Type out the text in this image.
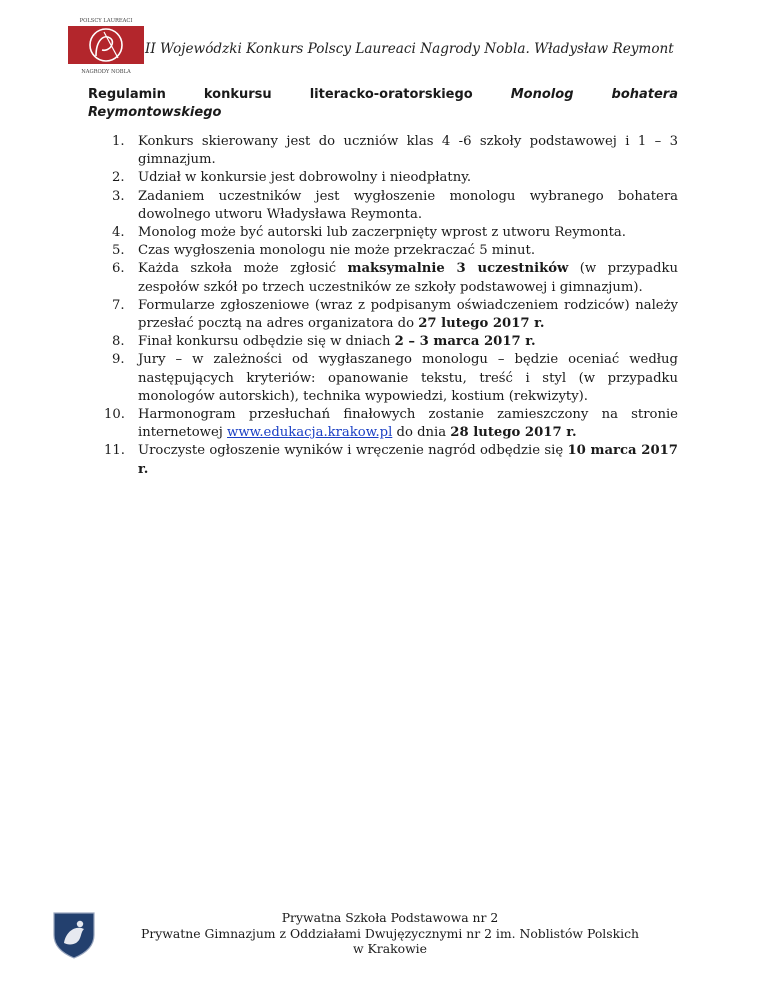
POLSCY LAUREACI
NAGRODY NOBLA
II Wojewódzki Konkurs Polscy Laureaci Nagrody Nobla. Władysław Reymont
Regulamin	konkursu	literacko-oratorskiego	Monolog	bohatera
Reymontowskiego
1.	Konkurs skierowany jest do uczniów klas 4 -6 szkoły podstawowej i 1 – 3 gimnazjum.
2.	Udział w konkursie jest dobrowolny i nieodpłatny.
3.	Zadaniem uczestników jest wygłoszenie monologu wybranego bohatera dowolnego utworu Władysława Reymonta.
4.	Monolog może być autorski lub zaczerpnięty wprost z utworu Reymonta.
5.	Czas wygłoszenia monologu nie może przekraczać 5 minut.
6.	Każda szkoła może zgłosić maksymalnie 3 uczestników (w przypadku zespołów szkół po trzech uczestników ze szkoły podstawowej i gimnazjum).
7.	Formularze zgłoszeniowe (wraz z podpisanym oświadczeniem rodziców) należy przesłać pocztą na adres organizatora do 27 lutego 2017 r.
8.	Finał konkursu odbędzie się w dniach 2 – 3 marca 2017 r.
9.	Jury – w zależności od wygłaszanego monologu – będzie oceniać według następujących kryteriów: opanowanie tekstu, treść i styl (w przypadku monologów autorskich), technika wypowiedzi, kostium (rekwizyty).
10. Harmonogram przesłuchań finałowych zostanie zamieszczony na stronie internetowej www.edukacja.krakow.pl do dnia 28 lutego 2017 r.
11. Uroczyste ogłoszenie wyników i wręczenie nagród odbędzie się 10 marca 2017 r.
Prywatna Szkoła Podstawowa nr 2
Prywatne Gimnazjum z Oddziałami Dwujęzycznymi nr 2 im. Noblistów Polskich
w Krakowie
